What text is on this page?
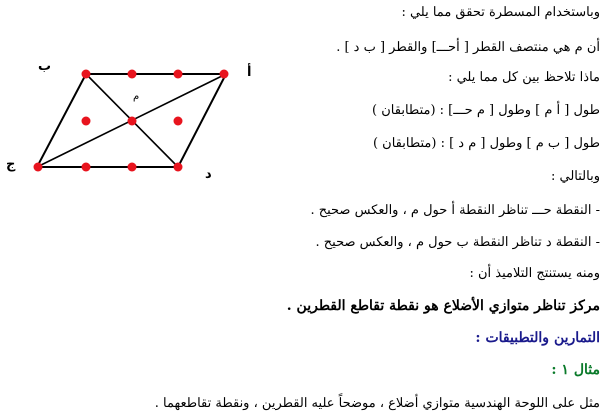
ب	أ
ج
د
م
وباستخدام المسطرة تحقق مما يلي :
أن م هي منتصف القطر [ أحـــ] والقطر [ ب د ] .
ماذا تلاحظ بين كل مما يلي :
طول [ أ م ] وطول [ م حـــ] : (متطابقان )
طول [ ب م ] وطول [ م د ] : (متطابقان )
وبالتالي :
- النقطة حـــ تناظر النقطة أ حول م ، والعكس صحيح .
- النقطة د تناظر النقطة ب حول م ، والعكس صحيح .
ومنه يستنتج التلاميذ أن :
مركز تناظر متوازي الأضلاع هو نقطة تقاطع القطرين .
التمارين والتطبيقات :
مثال ١ :
مثل على اللوحة الهندسية متوازي أضلاع ، موضحاً عليه القطرين ، ونقطة تقاطعهما .
